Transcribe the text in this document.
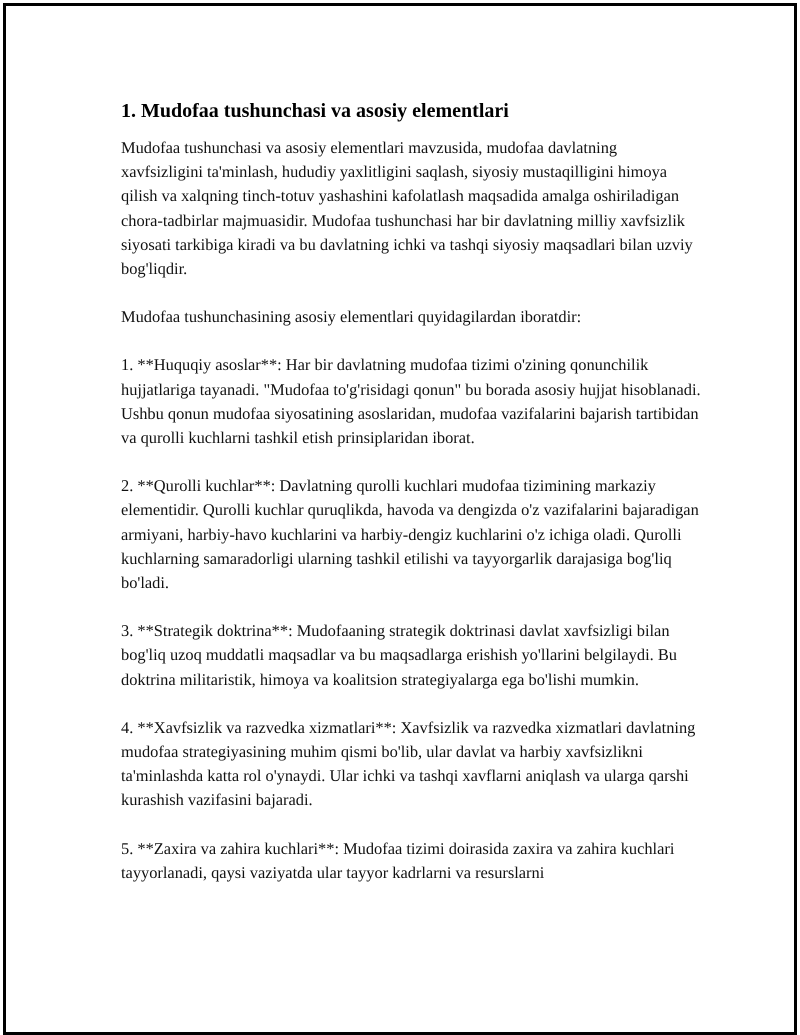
1. Mudofaa tushunchasi va asosiy elementlari

Mudofaa tushunchasi va asosiy elementlari mavzusida, mudofaa davlatning xavfsizligini ta'minlash, hududiy yaxlitligini saqlash, siyosiy mustaqilligini himoya qilish va xalqning tinch-totuv yashashini kafolatlash maqsadida amalga oshiriladigan chora-tadbirlar majmuasidir. Mudofaa tushunchasi har bir davlatning milliy xavfsizlik siyosati tarkibiga kiradi va bu davlatning ichki va tashqi siyosiy maqsadlari bilan uzviy bog'liqdir.

Mudofaa tushunchasining asosiy elementlari quyidagilardan iboratdir:

1. **Huquqiy asoslar**: Har bir davlatning mudofaa tizimi o'zining qonunchilik hujjatlariga tayanadi. "Mudofaa to'g'risidagi qonun" bu borada asosiy hujjat hisoblanadi. Ushbu qonun mudofaa siyosatining asoslaridan, mudofaa vazifalarini bajarish tartibidan va qurolli kuchlarni tashkil etish prinsiplaridan iborat.

2. **Qurolli kuchlar**: Davlatning qurolli kuchlari mudofaa tizimining markaziy elementidir. Qurolli kuchlar quruqlikda, havoda va dengizda o'z vazifalarini bajaradigan armiyani, harbiy-havo kuchlarini va harbiy-dengiz kuchlarini o'z ichiga oladi. Qurolli kuchlarning samaradorligi ularning tashkil etilishi va tayyorgarlik darajasiga bog'liq bo'ladi.

3. **Strategik doktrina**: Mudofaaning strategik doktrinasi davlat xavfsizligi bilan bog'liq uzoq muddatli maqsadlar va bu maqsadlarga erishish yo'llarini belgilaydi. Bu doktrina militaristik, himoya va koalitsion strategiyalarga ega bo'lishi mumkin.

4. **Xavfsizlik va razvedka xizmatlari**: Xavfsizlik va razvedka xizmatlari davlatning mudofaa strategiyasining muhim qismi bo'lib, ular davlat va harbiy xavfsizlikni ta'minlashda katta rol o'ynaydi. Ular ichki va tashqi xavflarni aniqlash va ularga qarshi kurashish vazifasini bajaradi.

5. **Zaxira va zahira kuchlari**: Mudofaa tizimi doirasida zaxira va zahira kuchlari tayyorlanadi, qaysi vaziyatda ular tayyor kadrlarni va resurslarni
